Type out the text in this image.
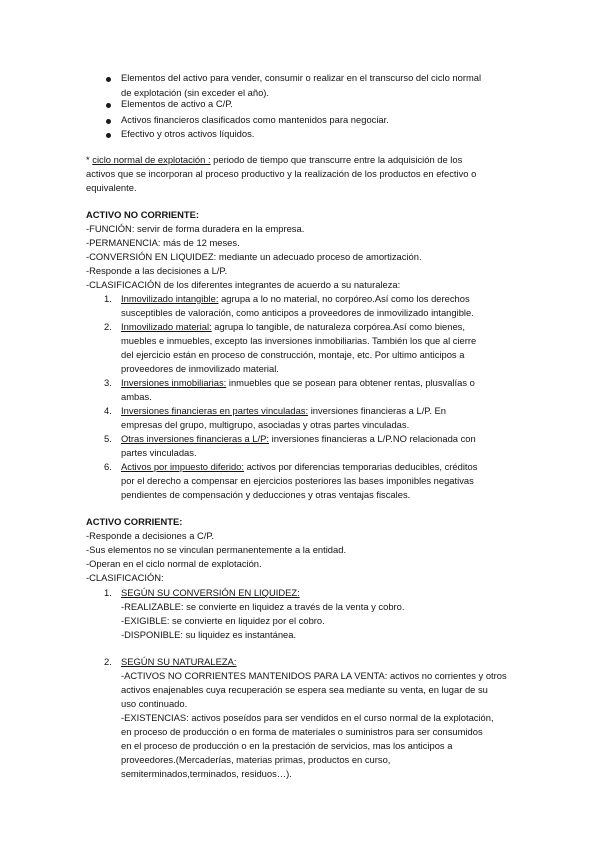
Elementos del activo para vender, consumir o realizar en el transcurso del ciclo normal
de explotación (sin exceder el año).
Elementos de activo a C/P.
Activos financieros clasificados como mantenidos para negociar.
Efectivo y otros activos líquidos.
* ciclo normal de explotación : periodo de tiempo que transcurre entre la adquisición de los
activos que se incorporan al proceso productivo y la realización de los productos en efectivo o
equivalente.
ACTIVO NO CORRIENTE:
-FUNCIÓN: servir de forma duradera en la empresa.
-PERMANENCIA: más de 12 meses.
-CONVERSIÓN EN LIQUIDEZ: mediante un adecuado proceso de amortización.
-Responde a las decisiones a L/P.
-CLASIFICACIÓN de los diferentes integrantes de acuerdo a su naturaleza:
1. Inmovilizado intangible: agrupa a lo no material, no corpóreo.Así como los derechos
susceptibles de valoración, como anticipos a proveedores de inmovilizado intangible.
2. Inmovilizado material: agrupa lo tangible, de naturaleza corpórea.Así como bienes,
muebles e inmuebles, excepto las inversiones inmobiliarias. También los que al cierre
del ejercicio están en proceso de construcción, montaje, etc. Por ultimo anticipos a
proveedores de inmovilizado material.
3. Inversiones inmobiliarias: inmuebles que se posean para obtener rentas, plusvalías o
ambas.
4. Inversiones financieras en partes vinculadas: inversiones financieras a L/P. En
empresas del grupo, multigrupo, asociadas y otras partes vinculadas.
5. Otras inversiones financieras a L/P: inversiones financieras a L/P.NO relacionada con
partes vinculadas.
6. Activos por impuesto diferido: activos por diferencias temporarias deducibles, créditos
por el derecho a compensar en ejercicios posteriores las bases imponibles negativas
pendientes de compensación y deducciones y otras ventajas fiscales.
ACTIVO CORRIENTE:
-Responde a decisiones a C/P.
-Sus elementos no se vinculan permanentemente a la entidad.
-Operan en el ciclo normal de explotación.
-CLASIFICACIÓN:
1. SEGÚN SU CONVERSIÓN EN LIQUIDEZ:
-REALIZABLE: se convierte en liquidez a través de la venta y cobro.
-EXIGIBLE: se convierte en liquidez por el cobro.
-DISPONIBLE: su liquidez es instantánea.
2. SEGÚN SU NATURALEZA:
-ACTIVOS NO CORRIENTES MANTENIDOS PARA LA VENTA: activos no corrientes y otros
activos enajenables cuya recuperación se espera sea mediante su venta, en lugar de su
uso continuado.
-EXISTENCIAS: activos poseídos para ser vendidos en el curso normal de la explotación,
en proceso de producción o en forma de materiales o suministros para ser consumidos
en el proceso de producción o en la prestación de servicios, mas los anticipos a
proveedores.(Mercaderías, materias primas, productos en curso,
semiterminados,terminados, residuos…).
